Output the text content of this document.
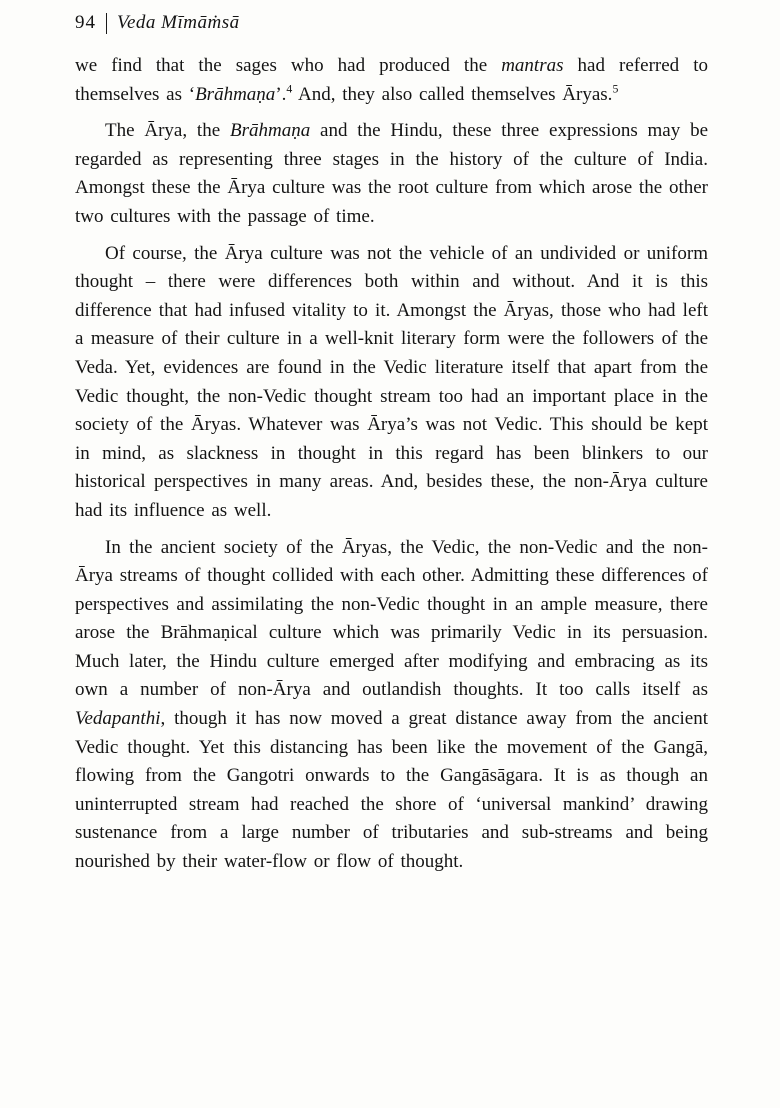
94 Veda Mīmāṁsā

we find that the sages who had produced the mantras had referred to themselves as ‘Brāhmaṇa’.$^4$ And, they also called themselves Āryas.$^5$

The Ārya, the Brāhmaṇa and the Hindu, these three expressions may be regarded as representing three stages in the history of the culture of India. Amongst these the Ārya culture was the root culture from which arose the other two cultures with the passage of time.

Of course, the Ārya culture was not the vehicle of an undivided or uniform thought – there were differences both within and without. And it is this difference that had infused vitality to it. Amongst the Āryas, those who had left a measure of their culture in a well-knit literary form were the followers of the Veda. Yet, evidences are found in the Vedic literature itself that apart from the Vedic thought, the non-Vedic thought stream too had an important place in the society of the Āryas. Whatever was Ārya’s was not Vedic. This should be kept in mind, as slackness in thought in this regard has been blinkers to our historical perspectives in many areas. And, besides these, the non-Ārya culture had its influence as well.

In the ancient society of the Āryas, the Vedic, the non-Vedic and the non-Ārya streams of thought collided with each other. Admitting these differences of perspectives and assimilating the non-Vedic thought in an ample measure, there arose the Brāhmaṇical culture which was primarily Vedic in its persuasion. Much later, the Hindu culture emerged after modifying and embracing as its own a number of non-Ārya and outlandish thoughts. It too calls itself as Vedapanthi, though it has now moved a great distance away from the ancient Vedic thought. Yet this distancing has been like the movement of the Gangā, flowing from the Gangotri onwards to the Gangāsāgara. It is as though an uninterrupted stream had reached the shore of ‘universal mankind’ drawing sustenance from a large number of tributaries and sub-streams and being nourished by their water-flow or flow of thought.
